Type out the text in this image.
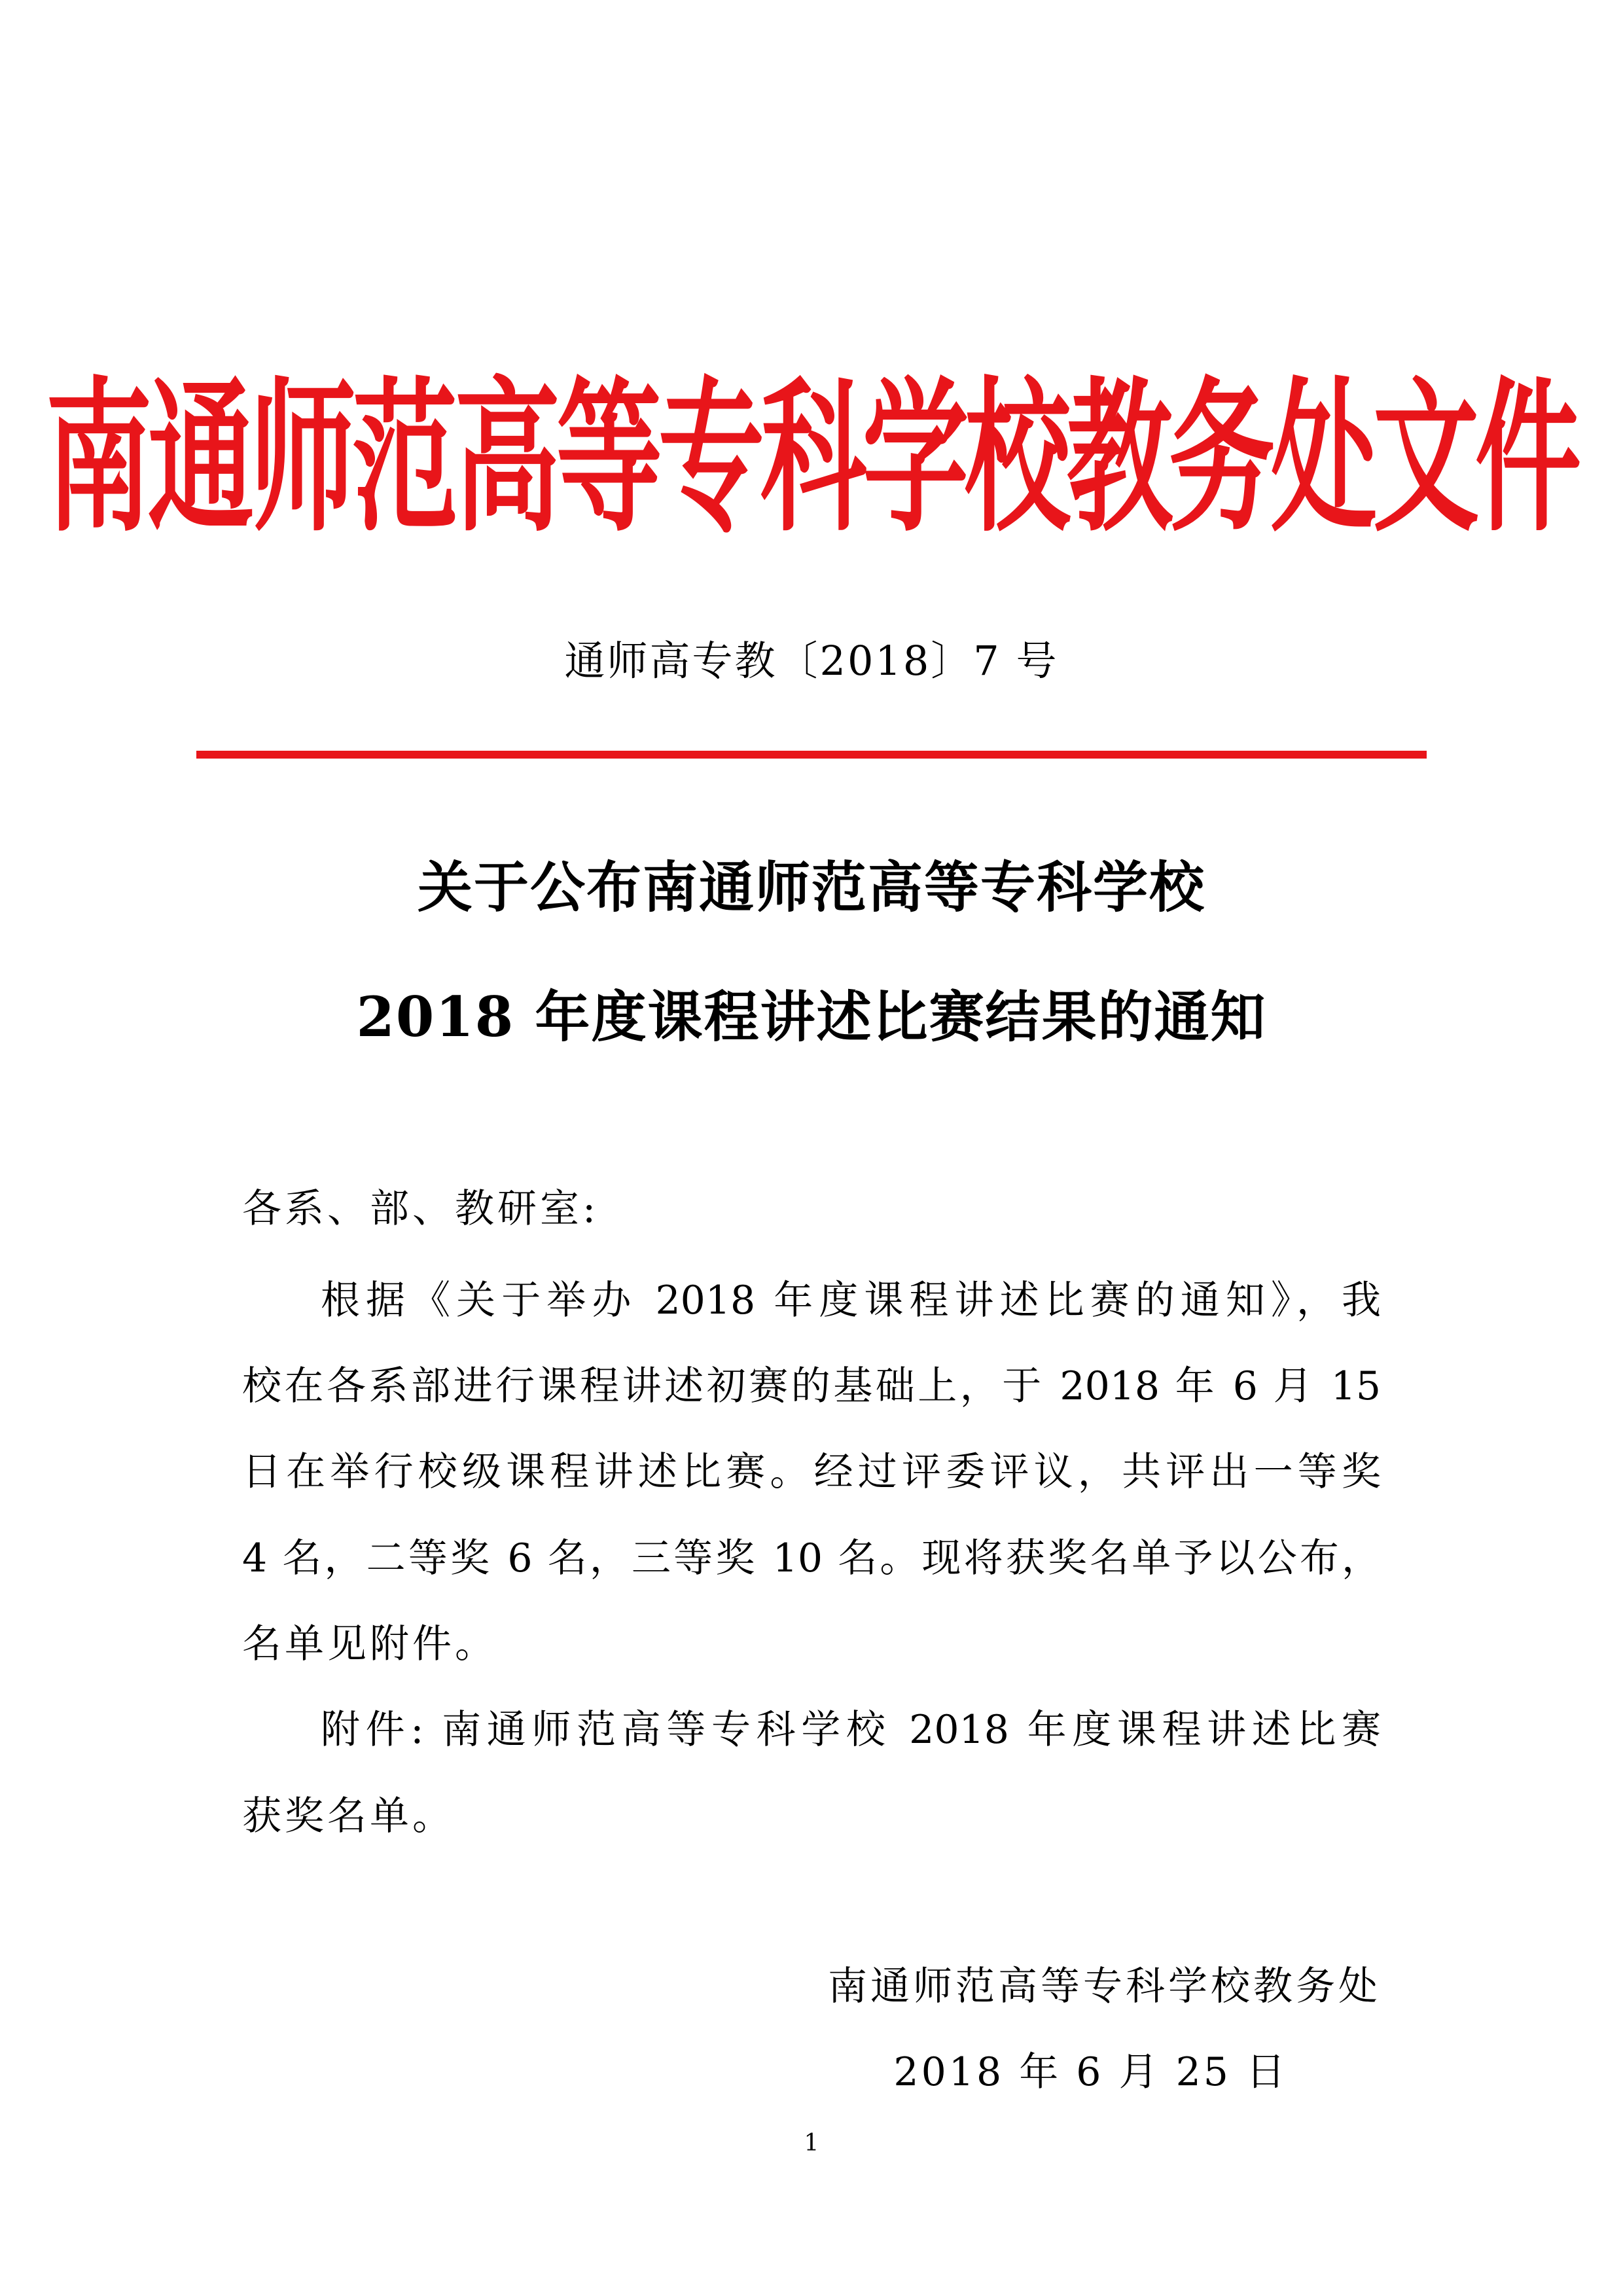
南通师范高等专科学校教务处文件
通师高专教〔2018〕7 号
关于公布南通师范高等专科学校
2018 年度课程讲述比赛结果的通知
各系、部、教研室:
根据《关于举办 2018 年度课程讲述比赛的通知》，我
校在各系部进行课程讲述初赛的基础上，于 2018 年 6 月 15
日在举行校级课程讲述比赛。经过评委评议，共评出一等奖
4 名，二等奖 6 名，三等奖 10 名。现将获奖名单予以公布，
名单见附件。
附件: 南通师范高等专科学校 2018 年度课程讲述比赛
获奖名单。
南通师范高等专科学校教务处
2018 年 6 月 25 日
1
